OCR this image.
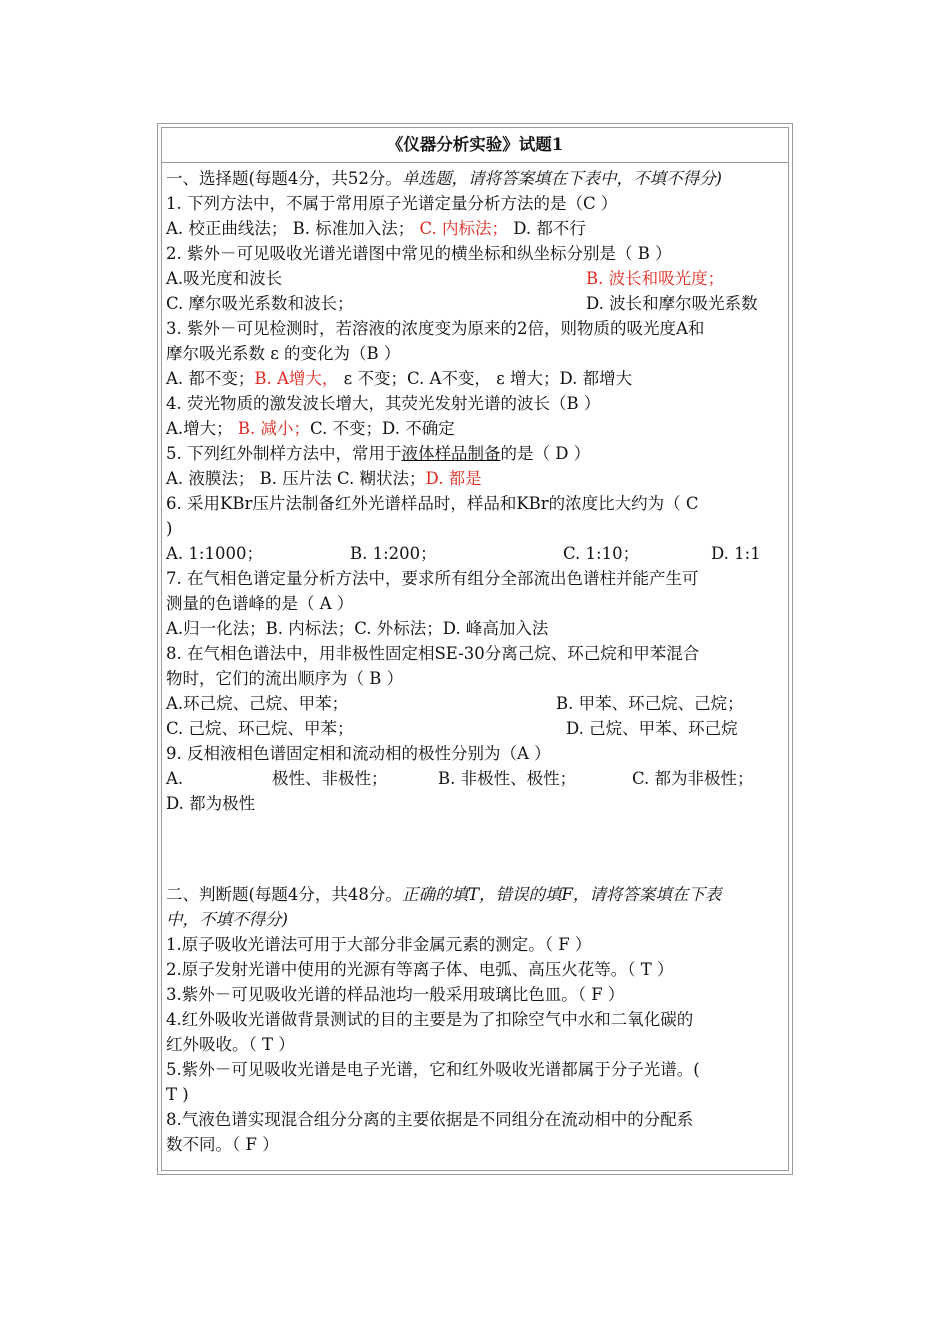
《仪器分析实验》试题1
一、选择题(每题4分，共52分。单选题，请将答案填在下表中，不填不得分)
1. 下列方法中，不属于常用原子光谱定量分析方法的是（C ）
A. 校正曲线法； B. 标准加入法； C. 内标法； D. 都不行
2. 紫外－可见吸收光谱光谱图中常见的横坐标和纵坐标分别是（ B ）
A.吸光度和波长	B. 波长和吸光度；
C. 摩尔吸光系数和波长；	D. 波长和摩尔吸光系数
3. 紫外－可见检测时，若溶液的浓度变为原来的2倍，则物质的吸光度A和
摩尔吸光系数 ε 的变化为（B ）
A. 都不变；B. A增大， ε 不变；C. A不变， ε 增大；D. 都增大
4. 荧光物质的激发波长增大，其荧光发射光谱的波长（B ）
A.增大； B. 减小；C. 不变；D. 不确定
5. 下列红外制样方法中，常用于液体样品制备的是（ D ）
A. 液膜法； B. 压片法 C. 糊状法；D. 都是
6. 采用KBr压片法制备红外光谱样品时，样品和KBr的浓度比大约为（ C
)
A. 1:1000；	B. 1:200；	C. 1:10；	D. 1:1
7. 在气相色谱定量分析方法中，要求所有组分全部流出色谱柱并能产生可
测量的色谱峰的是（ A ）
A.归一化法；B. 内标法；C. 外标法；D. 峰高加入法
8. 在气相色谱法中，用非极性固定相SE-30分离己烷、环己烷和甲苯混合
物时，它们的流出顺序为（ B ）
A.环己烷、己烷、甲苯；	B. 甲苯、环己烷、己烷；
C. 己烷、环己烷、甲苯；	D. 己烷、甲苯、环己烷
9. 反相液相色谱固定相和流动相的极性分别为（A ）
A.	极性、非极性；	B. 非极性、极性；	C. 都为非极性；
D. 都为极性
二、判断题(每题4分，共48分。正确的填T，错误的填F，请将答案填在下表
中，不填不得分)
1.原子吸收光谱法可用于大部分非金属元素的测定。（ F ）
2.原子发射光谱中使用的光源有等离子体、电弧、高压火花等。（ T ）
3.紫外－可见吸收光谱的样品池均一般采用玻璃比色皿。（ F ）
4.红外吸收光谱做背景测试的目的主要是为了扣除空气中水和二氧化碳的
红外吸收。（ T ）
5.紫外－可见吸收光谱是电子光谱，它和红外吸收光谱都属于分子光谱。(
T )
8.气液色谱实现混合组分分离的主要依据是不同组分在流动相中的分配系
数不同。（ F ）
